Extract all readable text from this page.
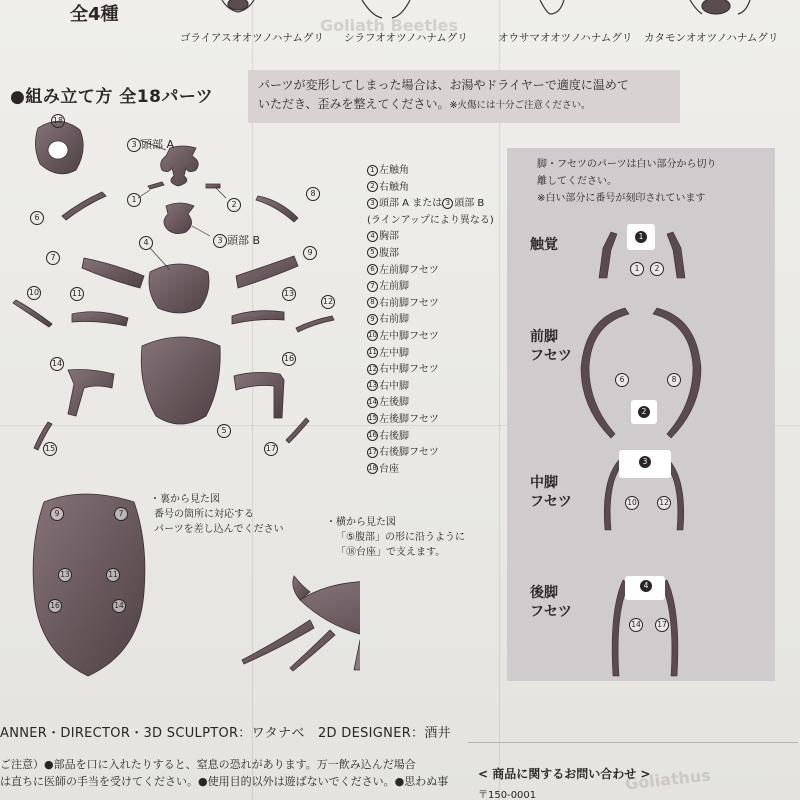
Goliath Beetles
Goliathus
全4種
ゴライアスオオツノハナムグリ シラフオオツノハナムグリ	オウサマオオツノハナムグリ カタモンオオツノハナムグリ
●組み立て方 全18パーツ
パーツが変形してしまった場合は、お湯やドライヤーで適度に温めて
いただき、歪みを整えてください。※火傷には十分ご注意ください。
18
3 頭部 A
1
2
8
6
3 頭部 B
4
7
9
10	11	13
12
14
16
5
15	17
9	7
13	11
16	14
1 左触角
2 右触角
3 頭部 A または 3 頭部 B
(ラインアップにより異なる)
4 胸部
5 腹部
6 左前脚フセツ
7 左前脚
8 右前脚フセツ
9 右前脚
10 左中脚フセツ
11 左中脚
12 右中脚フセツ
13 右中脚
14 左後脚
15 左後脚フセツ
16 右後脚
17 右後脚フセツ
18 台座
・裏から見た図
番号の箇所に対応する
パーツを差し込んでください
・横から見た図
「⑤腹部」の形に沿うように
「⑱台座」で支えます。
脚・フセツのパーツは白い部分から切り
離してください。
※白い部分に番号が刻印されています
触覚
前脚
フセツ
中脚
フセツ
後脚
フセツ
1
1	2
2
6	8
3
10	12
4
14 17
ANNER・DIRECTOR・3D SCULPTOR：ワタナベ　2D DESIGNER：酒井
ご注意）●部品を口に入れたりすると、窒息の恐れがあります。万一飲み込んだ場合
は直ちに医師の手当を受けてください。●使用目的以外は遊ばないでください。●思わぬ事
< 商品に関するお問い合わせ >
〒150-0001
